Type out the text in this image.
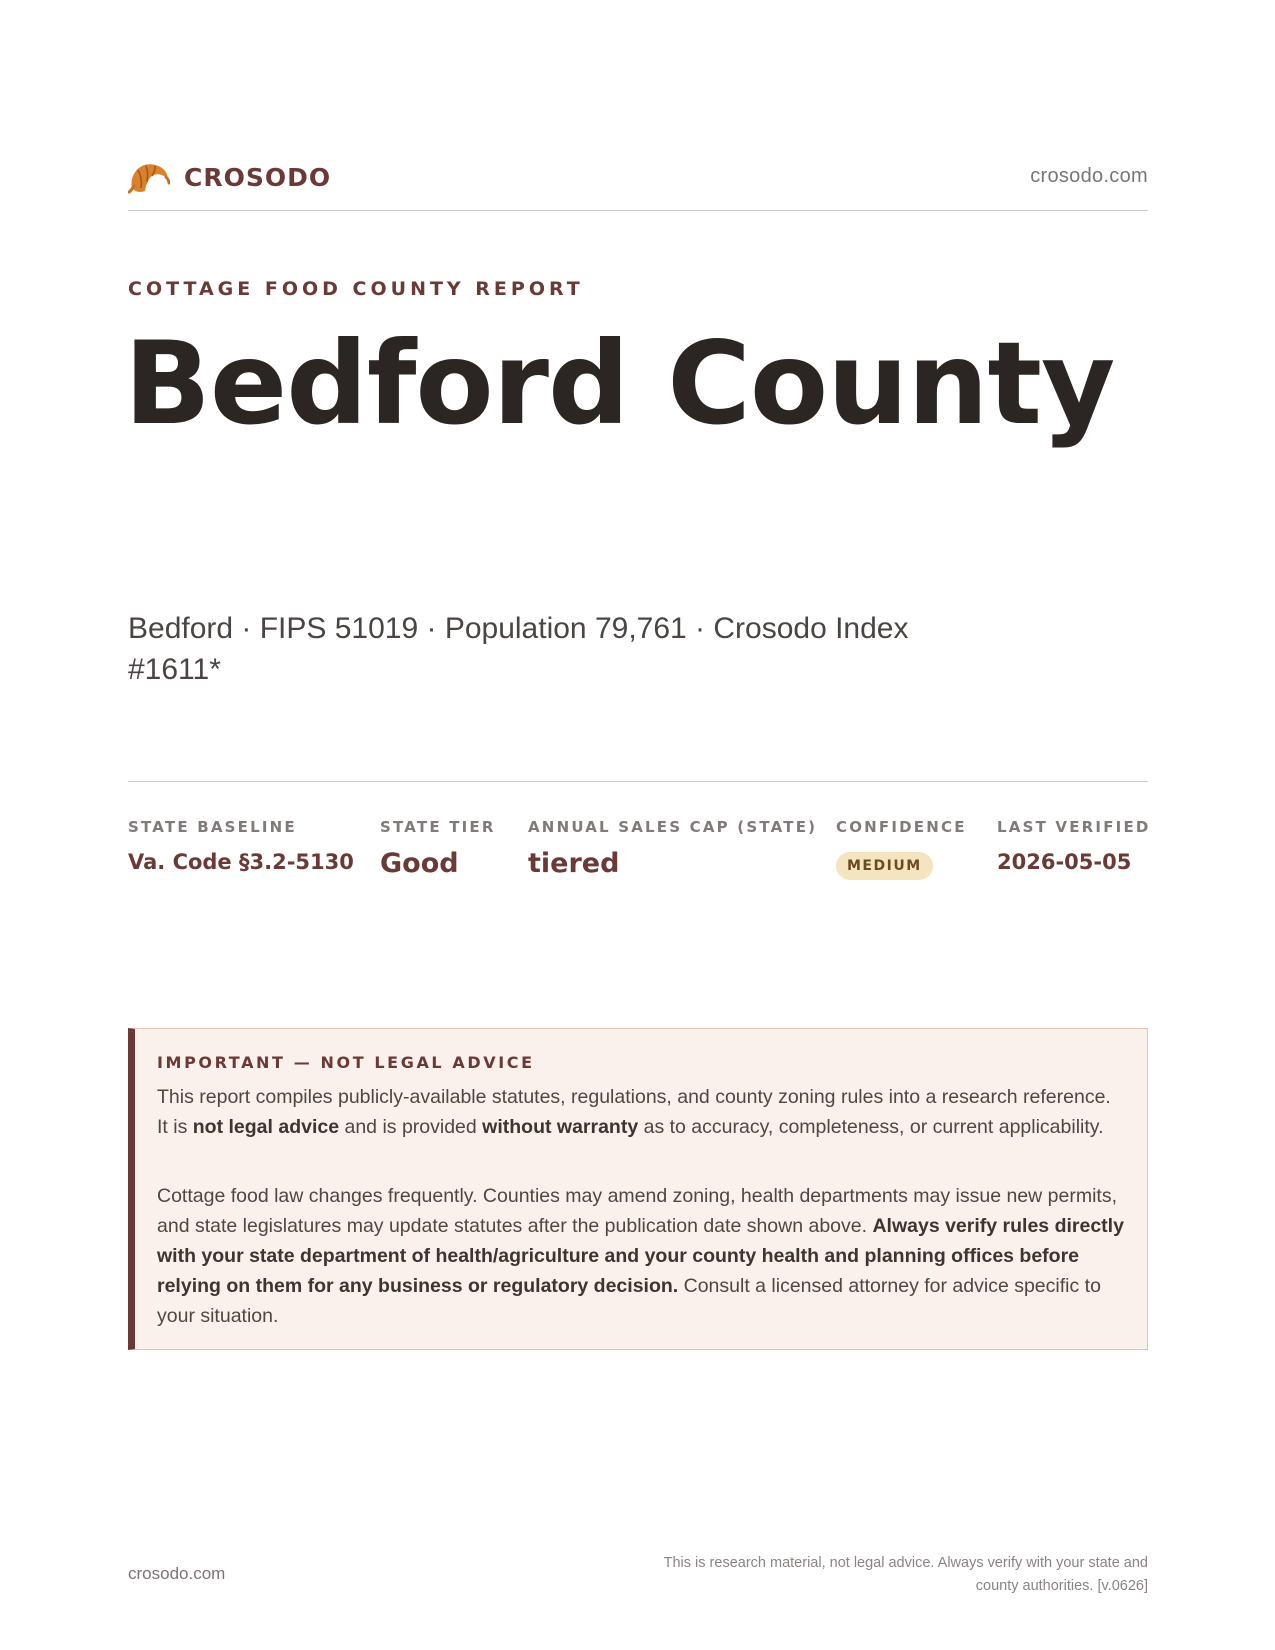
CROSODO	crosodo.com
COTTAGE FOOD COUNTY REPORT
Bedford County
Bedford · FIPS 51019 · Population 79,761 · Crosodo Index #1611*
STATE BASELINE
Va. Code §3.2-5130
STATE TIER
Good
ANNUAL SALES CAP (STATE)
tiered
CONFIDENCE
MEDIUM
LAST VERIFIED
2026-05-05
IMPORTANT — NOT LEGAL ADVICE
This report compiles publicly-available statutes, regulations, and county zoning rules into a research reference. It is not legal advice and is provided without warranty as to accuracy, completeness, or current applicability.
Cottage food law changes frequently. Counties may amend zoning, health departments may issue new permits, and state legislatures may update statutes after the publication date shown above. Always verify rules directly with your state department of health/agriculture and your county health and planning offices before relying on them for any business or regulatory decision. Consult a licensed attorney for advice specific to your situation.
crosodo.com
This is research material, not legal advice. Always verify with your state and county authorities. [v.0626]
